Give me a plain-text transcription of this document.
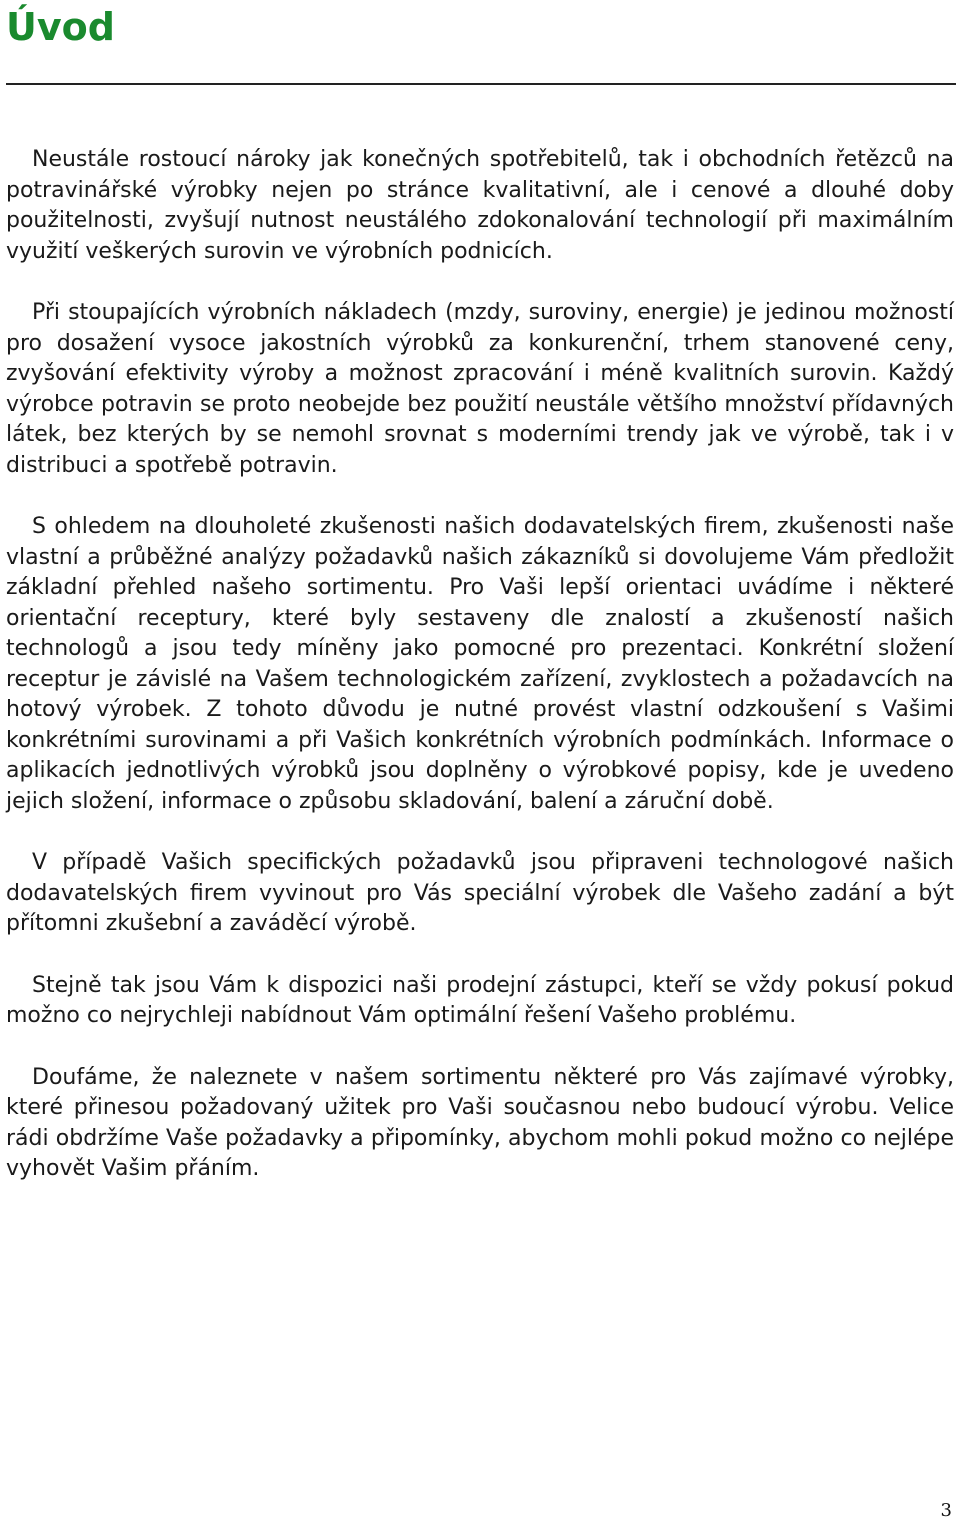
Úvod

Neustále rostoucí nároky jak konečných spotřebitelů, tak i obchodních řetězců na potravinářské výrobky nejen po stránce kvalitativní, ale i cenové a dlouhé doby použitelnosti, zvyšují nutnost neustálého zdokonalování technologií při maximálním využití veškerých surovin ve výrobních podnicích.

Při stoupajících výrobních nákladech (mzdy, suroviny, energie) je jedinou možností pro dosažení vysoce jakostních výrobků za konkurenční, trhem stanovené ceny, zvyšování efektivity výroby a možnost zpracování i méně kvalitních surovin. Každý výrobce potravin se proto neobejde bez použití neustále většího množství přídavných látek, bez kterých by se nemohl srovnat s moderními trendy jak ve výrobě, tak i v distribuci a spotřebě potravin.

S ohledem na dlouholeté zkušenosti našich dodavatelských firem, zkušenosti naše vlastní a průběžné analýzy požadavků našich zákazníků si dovolujeme Vám předložit základní přehled našeho sortimentu. Pro Vaši lepší orientaci uvádíme i některé orientační receptury, které byly sestaveny dle znalostí a zkušeností našich technologů a jsou tedy míněny jako pomocné pro prezentaci. Konkrétní složení receptur je závislé na Vašem technologickém zařízení, zvyklostech a požadavcích na hotový výrobek. Z tohoto důvodu je nutné provést vlastní odzkoušení s Vašimi konkrétními surovinami a při Vašich konkrétních výrobních podmínkách. Informace o aplikacích jednotlivých výrobků jsou doplněny o výrobkové popisy, kde je uvedeno jejich složení, informace o způsobu skladování, balení a záruční době.

V případě Vašich specifických požadavků jsou připraveni technologové našich dodavatelských firem vyvinout pro Vás speciální výrobek dle Vašeho zadání a být přítomni zkušební a zaváděcí výrobě.

Stejně tak jsou Vám k dispozici naši prodejní zástupci, kteří se vždy pokusí pokud možno co nejrychleji nabídnout Vám optimální řešení Vašeho problému.

Doufáme, že naleznete v našem sortimentu některé pro Vás zajímavé výrobky, které přinesou požadovaný užitek pro Vaši současnou nebo budoucí výrobu. Velice rádi obdržíme Vaše požadavky a připomínky, abychom mohli pokud možno co nejlépe vyhovět Vašim přáním.

3
